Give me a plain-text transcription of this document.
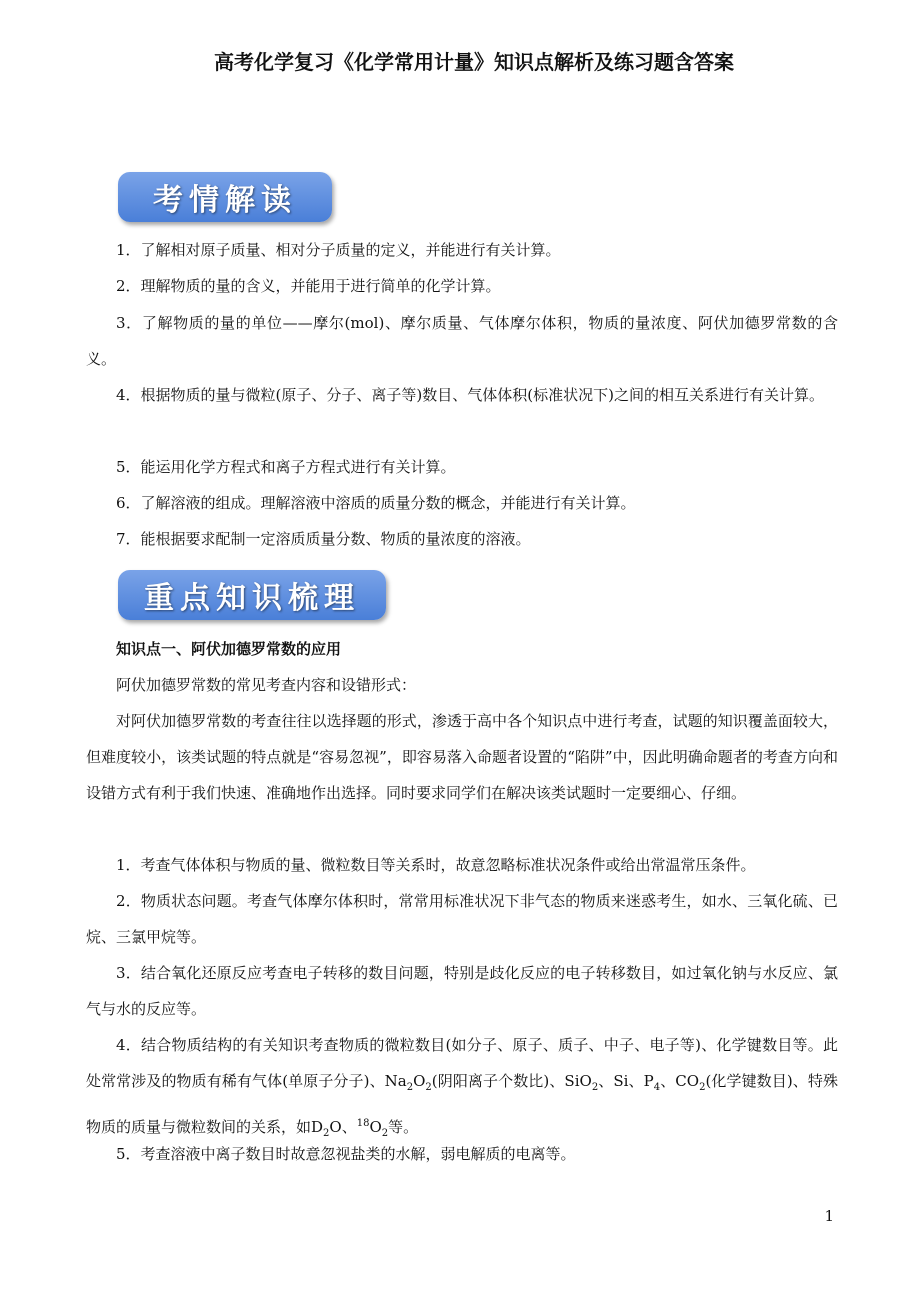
高考化学复习《化学常用计量》知识点解析及练习题含答案
考情解读
1．了解相对原子质量、相对分子质量的定义，并能进行有关计算。
2．理解物质的量的含义，并能用于进行简单的化学计算。
3．了解物质的量的单位——摩尔(mol)、摩尔质量、气体摩尔体积，物质的量浓度、阿伏加德罗常数的含义。
4．根据物质的量与微粒(原子、分子、离子等)数目、气体体积(标准状况下)之间的相互关系进行有关计算。
5．能运用化学方程式和离子方程式进行有关计算。
6．了解溶液的组成。理解溶液中溶质的质量分数的概念，并能进行有关计算。
7．能根据要求配制一定溶质质量分数、物质的量浓度的溶液。
重点知识梳理
知识点一、阿伏加德罗常数的应用
阿伏加德罗常数的常见考查内容和设错形式：
对阿伏加德罗常数的考查往往以选择题的形式，渗透于高中各个知识点中进行考查，试题的知识覆盖面较大，但难度较小，该类试题的特点就是“容易忽视”，即容易落入命题者设置的“陷阱”中，因此明确命题者的考查方向和设错方式有利于我们快速、准确地作出选择。同时要求同学们在解决该类试题时一定要细心、仔细。
1．考查气体体积与物质的量、微粒数目等关系时，故意忽略标准状况条件或给出常温常压条件。
2．物质状态问题。考查气体摩尔体积时，常常用标准状况下非气态的物质来迷惑考生，如水、三氧化硫、已烷、三氯甲烷等。
3．结合氧化还原反应考查电子转移的数目问题，特别是歧化反应的电子转移数目，如过氧化钠与水反应、氯气与水的反应等。
4．结合物质结构的有关知识考查物质的微粒数目(如分子、原子、质子、中子、电子等)、化学键数目等。此处常常涉及的物质有稀有气体(单原子分子)、$Na_2O_2$(阴阳离子个数比)、SiO$_2$、Si、$P_4$、$CO_2$(化学键数目)、特殊物质的质量与微粒数间的关系，如$D_2O$、$^{18}O_2$等。
5．考查溶液中离子数目时故意忽视盐类的水解，弱电解质的电离等。
1
